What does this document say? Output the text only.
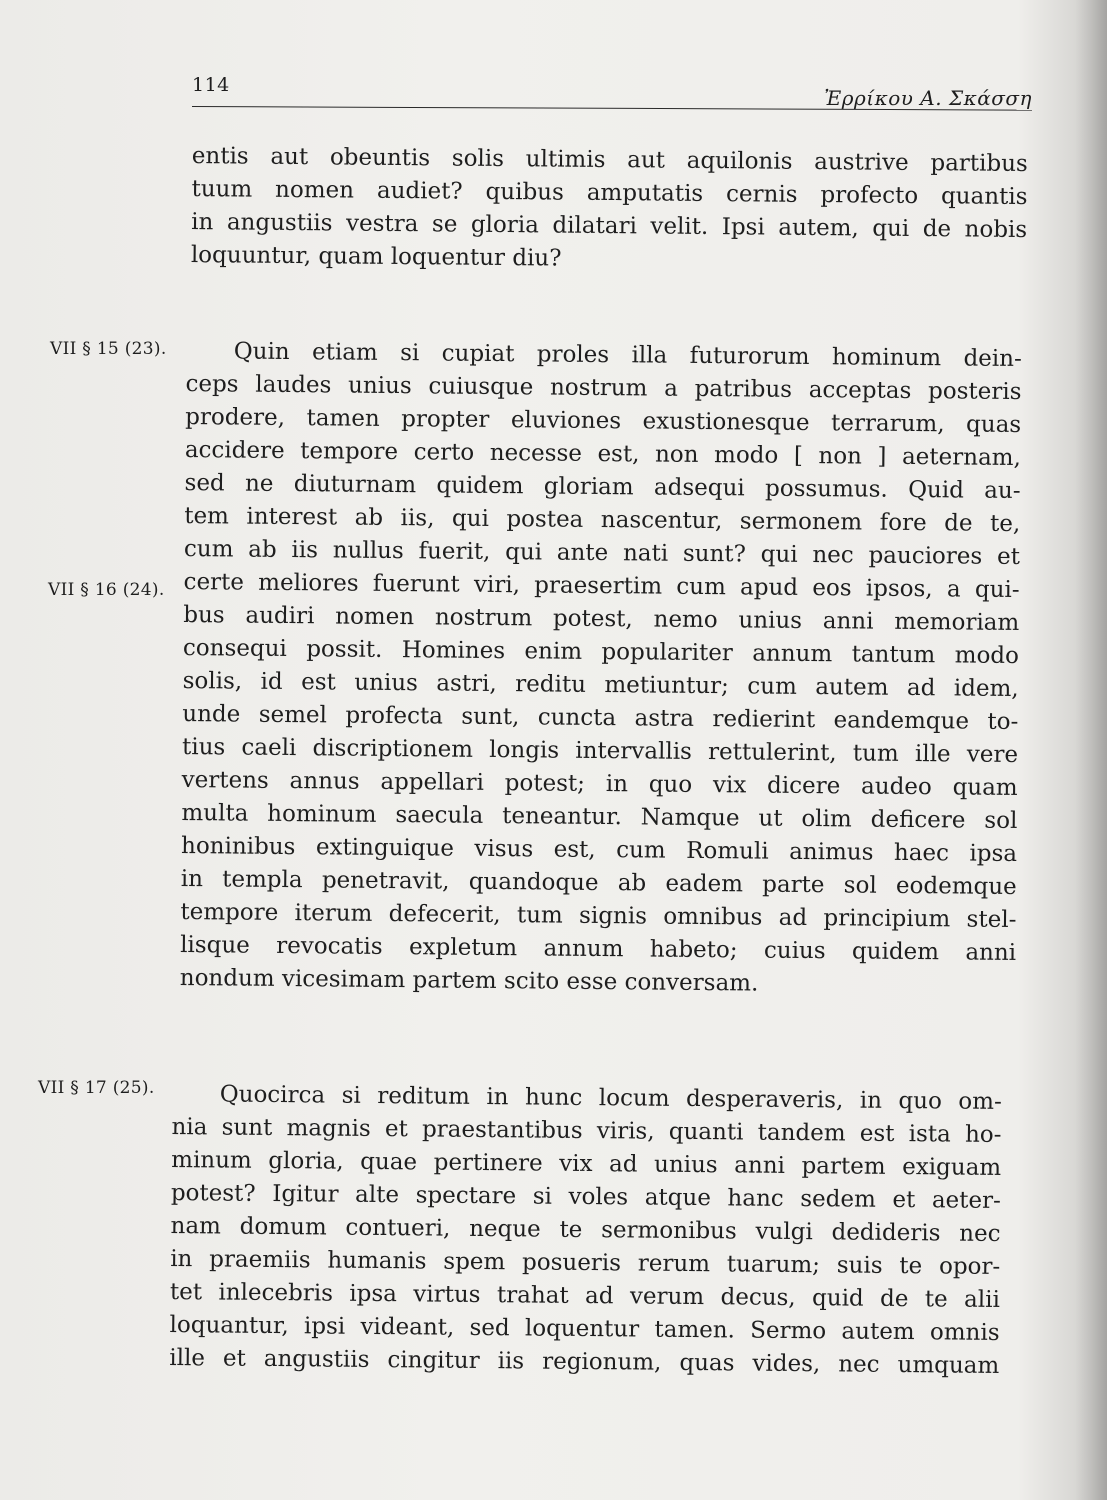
114
Ἐρρίκου Α. Σκάσση
VII § 15 (23).
VII § 16 (24).
VII § 17 (25).
entis aut obeuntis solis ultimis aut aquilonis austrive partibus
tuum nomen audiet? quibus amputatis cernis profecto quantis
in angustiis vestra se gloria dilatari velit. Ipsi autem, qui de nobis
loquuntur, quam loquentur diu?
Quin etiam si cupiat proles illa futurorum hominum dein-
ceps laudes unius cuiusque nostrum a patribus acceptas posteris
prodere, tamen propter eluviones exustionesque terrarum, quas
accidere tempore certo necesse est, non modo [ non ] aeternam,
sed ne diuturnam quidem gloriam adsequi possumus. Quid au-
tem interest ab iis, qui postea nascentur, sermonem fore de te,
cum ab iis nullus fuerit, qui ante nati sunt? qui nec pauciores et
certe meliores fuerunt viri, praesertim cum apud eos ipsos, a qui-
bus audiri nomen nostrum potest, nemo unius anni memoriam
consequi possit. Homines enim populariter annum tantum modo
solis, id est unius astri, reditu metiuntur; cum autem ad idem,
unde semel profecta sunt, cuncta astra redierint eandemque to-
tius caeli discriptionem longis intervallis rettulerint, tum ille vere
vertens annus appellari potest; in quo vix dicere audeo quam
multa hominum saecula teneantur. Namque ut olim deficere sol
honinibus extinguique visus est, cum Romuli animus haec ipsa
in templa penetravit, quandoque ab eadem parte sol eodemque
tempore iterum defecerit, tum signis omnibus ad principium stel-
lisque revocatis expletum annum habeto; cuius quidem anni
nondum vicesimam partem scito esse conversam.
Quocirca si reditum in hunc locum desperaveris, in quo om-
nia sunt magnis et praestantibus viris, quanti tandem est ista ho-
minum gloria, quae pertinere vix ad unius anni partem exiguam
potest? Igitur alte spectare si voles atque hanc sedem et aeter-
nam domum contueri, neque te sermonibus vulgi dedideris nec
in praemiis humanis spem posueris rerum tuarum; suis te opor-
tet inlecebris ipsa virtus trahat ad verum decus, quid de te alii
loquantur, ipsi videant, sed loquentur tamen. Sermo autem omnis
ille et angustiis cingitur iis regionum, quas vides, nec umquam
